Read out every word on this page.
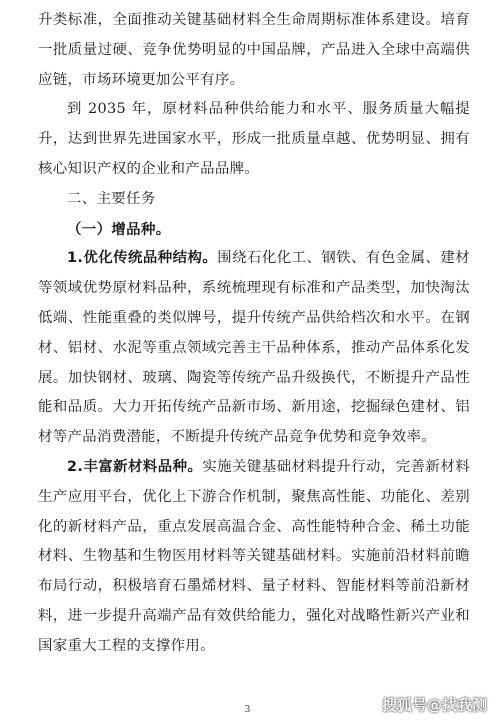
升类标准，全面推动关键基础材料全生命周期标准体系建设。培育一批质量过硬、竞争优势明显的中国品牌，产品进入全球中高端供应链，市场环境更加公平有序。

到 2035 年，原材料品种供给能力和水平、服务质量大幅提升，达到世界先进国家水平，形成一批质量卓越、优势明显、拥有核心知识产权的企业和产品品牌。

二、主要任务

（一）增品种。

1.优化传统品种结构。围绕石化化工、钢铁、有色金属、建材等领域优势原材料品种，系统梳理现有标准和产品类型，加快淘汰低端、性能重叠的类似牌号，提升传统产品供给档次和水平。在钢材、铝材、水泥等重点领域完善主干品种体系，推动产品体系化发展。加快钢材、玻璃、陶瓷等传统产品升级换代，不断提升产品性能和品质。大力开拓传统产品新市场、新用途，挖掘绿色建材、铝材等产品消费潜能，不断提升传统产品竞争优势和竞争效率。

2.丰富新材料品种。实施关键基础材料提升行动，完善新材料生产应用平台，优化上下游合作机制，聚焦高性能、功能化、差别化的新材料产品，重点发展高温合金、高性能特种合金、稀土功能材料、生物基和生物医用材料等关键基础材料。实施前沿材料前瞻布局行动，积极培育石墨烯材料、量子材料、智能材料等前沿新材料，进一步提升高端产品有效供给能力，强化对战略性新兴产业和国家重大工程的支撑作用。

3	搜狐号@找我测
